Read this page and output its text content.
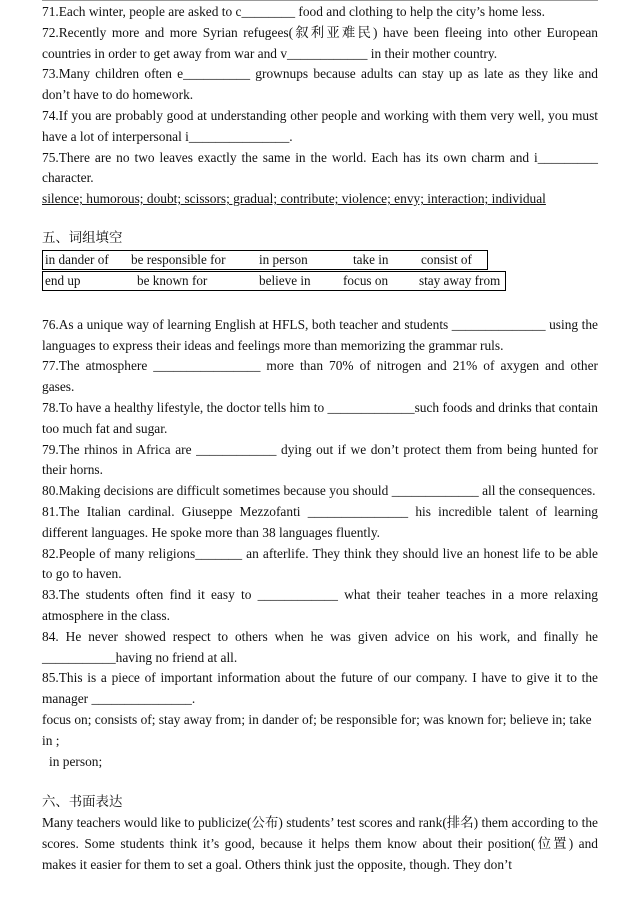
71.Each winter, people are asked to c________ food and clothing to help the city’s home less.

72.Recently more and more Syrian refugees(叙利亚难民) have been fleeing into other European countries in order to get away from war and v____________ in their mother country.

73.Many children often e__________ grownups because adults can stay up as late as they like and don’t have to do homework.

74.If you are probably good at understanding other people and working with them very well, you must have a lot of interpersonal i_______________.

75.There are no two leaves exactly the same in the world. Each has its own charm and i_________ character.

silence; humorous; doubt; scissors; gradual; contribute; violence; envy; interaction; individual

五、词组填空
in dander of	be responsible for	in person	take in	consist of
end up	be known for	believe in	focus on	stay away from

76.As a unique way of learning English at HFLS, both teacher and students ______________ using the languages to express their ideas and feelings more than memorizing the grammar ruls.

77.The atmosphere ________________ more than 70% of nitrogen and 21% of axygen and other gases.

78.To have a healthy lifestyle, the doctor tells him to _____________such foods and drinks that contain too much fat and sugar.

79.The rhinos in Africa are ____________ dying out if we don’t protect them from being hunted for their horns.

80.Making decisions are difficult sometimes because you should _____________ all the consequences.

81.The Italian cardinal. Giuseppe Mezzofanti _______________ his incredible talent of learning different languages. He spoke more than 38 languages fluently.

82.People of many religions_______ an afterlife. They think they should live an honest life to be able to go to haven.

83.The students often find it easy to ____________ what their teaher teaches in a more relaxing atmosphere in the class.

84. He never showed respect to others when he was given advice on his work, and finally he ___________having no friend at all.

85.This is a piece of important information about the future of our company. I have to give it to the manager _______________.

focus on; consists of; stay away from; in dander of; be responsible for; was known for; believe in; take in ;

in person;

六、书面表达

Many teachers would like to publicize(公布) students’ test scores and rank(排名) them according to the scores. Some students think it’s good, because it helps them know about their position(位置) and makes it easier for them to set a goal. Others think just the opposite, though. They don’t
